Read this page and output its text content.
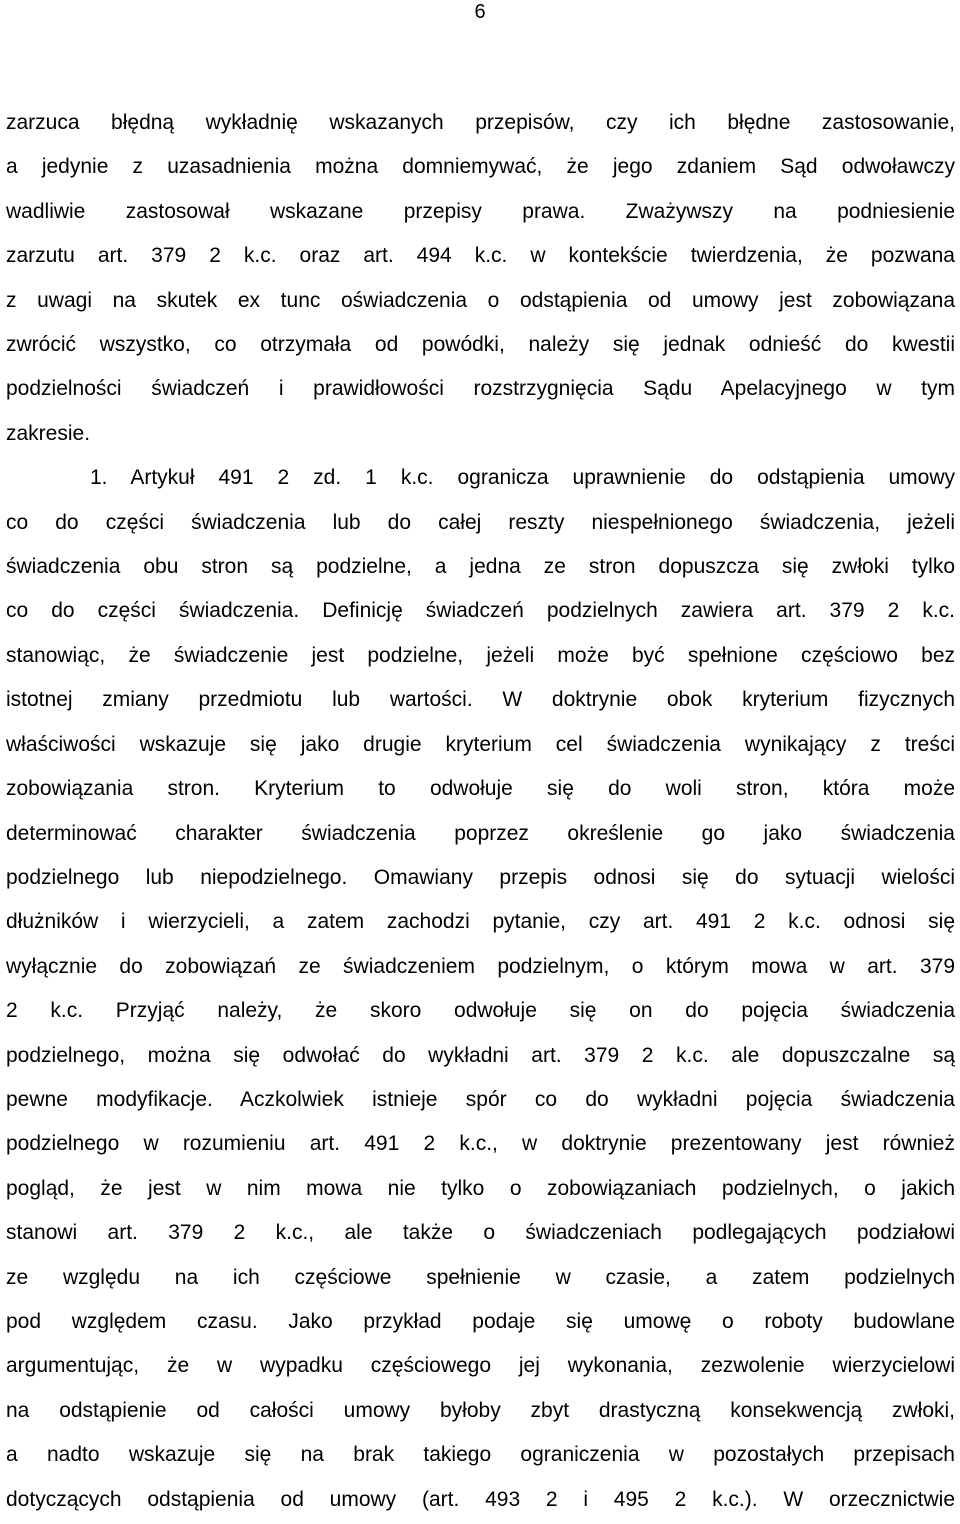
6
zarzuca błędną wykładnię wskazanych przepisów, czy ich błędne zastosowanie,
a jedynie z uzasadnienia można domniemywać, że jego zdaniem Sąd odwoławczy
wadliwie zastosował wskazane przepisy prawa. Zważywszy na podniesienie
zarzutu art. 379 2 k.c. oraz art. 494 k.c. w kontekście twierdzenia, że pozwana
z uwagi na skutek ex tunc oświadczenia o odstąpienia od umowy jest zobowiązana
zwrócić wszystko, co otrzymała od powódki, należy się jednak odnieść do kwestii
podzielności świadczeń i prawidłowości rozstrzygnięcia Sądu Apelacyjnego w tym
zakresie.
1. Artykuł 491 2 zd. 1 k.c. ogranicza uprawnienie do odstąpienia umowy
co do części świadczenia lub do całej reszty niespełnionego świadczenia, jeżeli
świadczenia obu stron są podzielne, a jedna ze stron dopuszcza się zwłoki tylko
co do części świadczenia. Definicję świadczeń podzielnych zawiera art. 379 2 k.c.
stanowiąc, że świadczenie jest podzielne, jeżeli może być spełnione częściowo bez
istotnej zmiany przedmiotu lub wartości. W doktrynie obok kryterium fizycznych
właściwości wskazuje się jako drugie kryterium cel świadczenia wynikający z treści
zobowiązania stron. Kryterium to odwołuje się do woli stron, która może
determinować charakter świadczenia poprzez określenie go jako świadczenia
podzielnego lub niepodzielnego. Omawiany przepis odnosi się do sytuacji wielości
dłużników i wierzycieli, a zatem zachodzi pytanie, czy art. 491 2 k.c. odnosi się
wyłącznie do zobowiązań ze świadczeniem podzielnym, o którym mowa w art. 379
2 k.c. Przyjąć należy, że skoro odwołuje się on do pojęcia świadczenia
podzielnego, można się odwołać do wykładni art. 379 2 k.c. ale dopuszczalne są
pewne modyfikacje. Aczkolwiek istnieje spór co do wykładni pojęcia świadczenia
podzielnego w rozumieniu art. 491 2 k.c., w doktrynie prezentowany jest również
pogląd, że jest w nim mowa nie tylko o zobowiązaniach podzielnych, o jakich
stanowi art. 379 2 k.c., ale także o świadczeniach podlegających podziałowi
ze względu na ich częściowe spełnienie w czasie, a zatem podzielnych
pod względem czasu. Jako przykład podaje się umowę o roboty budowlane
argumentując, że w wypadku częściowego jej wykonania, zezwolenie wierzycielowi
na odstąpienie od całości umowy byłoby zbyt drastyczną konsekwencją zwłoki,
a nadto wskazuje się na brak takiego ograniczenia w pozostałych przepisach
dotyczących odstąpienia od umowy (art. 493 2 i 495 2 k.c.). W orzecznictwie
